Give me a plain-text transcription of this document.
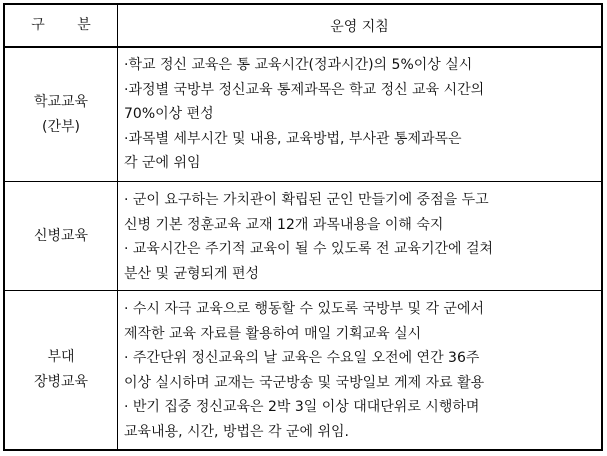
구 분	운영 지침
학교교육
(간부)
·학교 정신 교육은 통 교육시간(정과시간)의 5%이상 실시
·과정별 국방부 정신교육 통제과목은 학교 정신 교육 시간의
70%이상 편성
·과목별 세부시간 및 내용, 교육방법, 부사관 통제과목은
각 군에 위임
신병교육
· 군이 요구하는 가치관이 확립된 군인 만들기에 중점을 두고
신병 기본 정훈교육 교재 12개 과목내용을 이해 숙지
· 교육시간은 주기적 교육이 될 수 있도록 전 교육기간에 걸쳐
분산 및 균형되게 편성
부대
장병교육
· 수시 자극 교육으로 행동할 수 있도록 국방부 및 각 군에서
제작한 교육 자료를 활용하여 매일 기획교육 실시
· 주간단위 정신교육의 날 교육은 수요일 오전에 연간 36주
이상 실시하며 교재는 국군방송 및 국방일보 게제 자료 활용
· 반기 집중 정신교육은 2박 3일 이상 대대단위로 시행하며
교육내용, 시간, 방법은 각 군에 위임.
